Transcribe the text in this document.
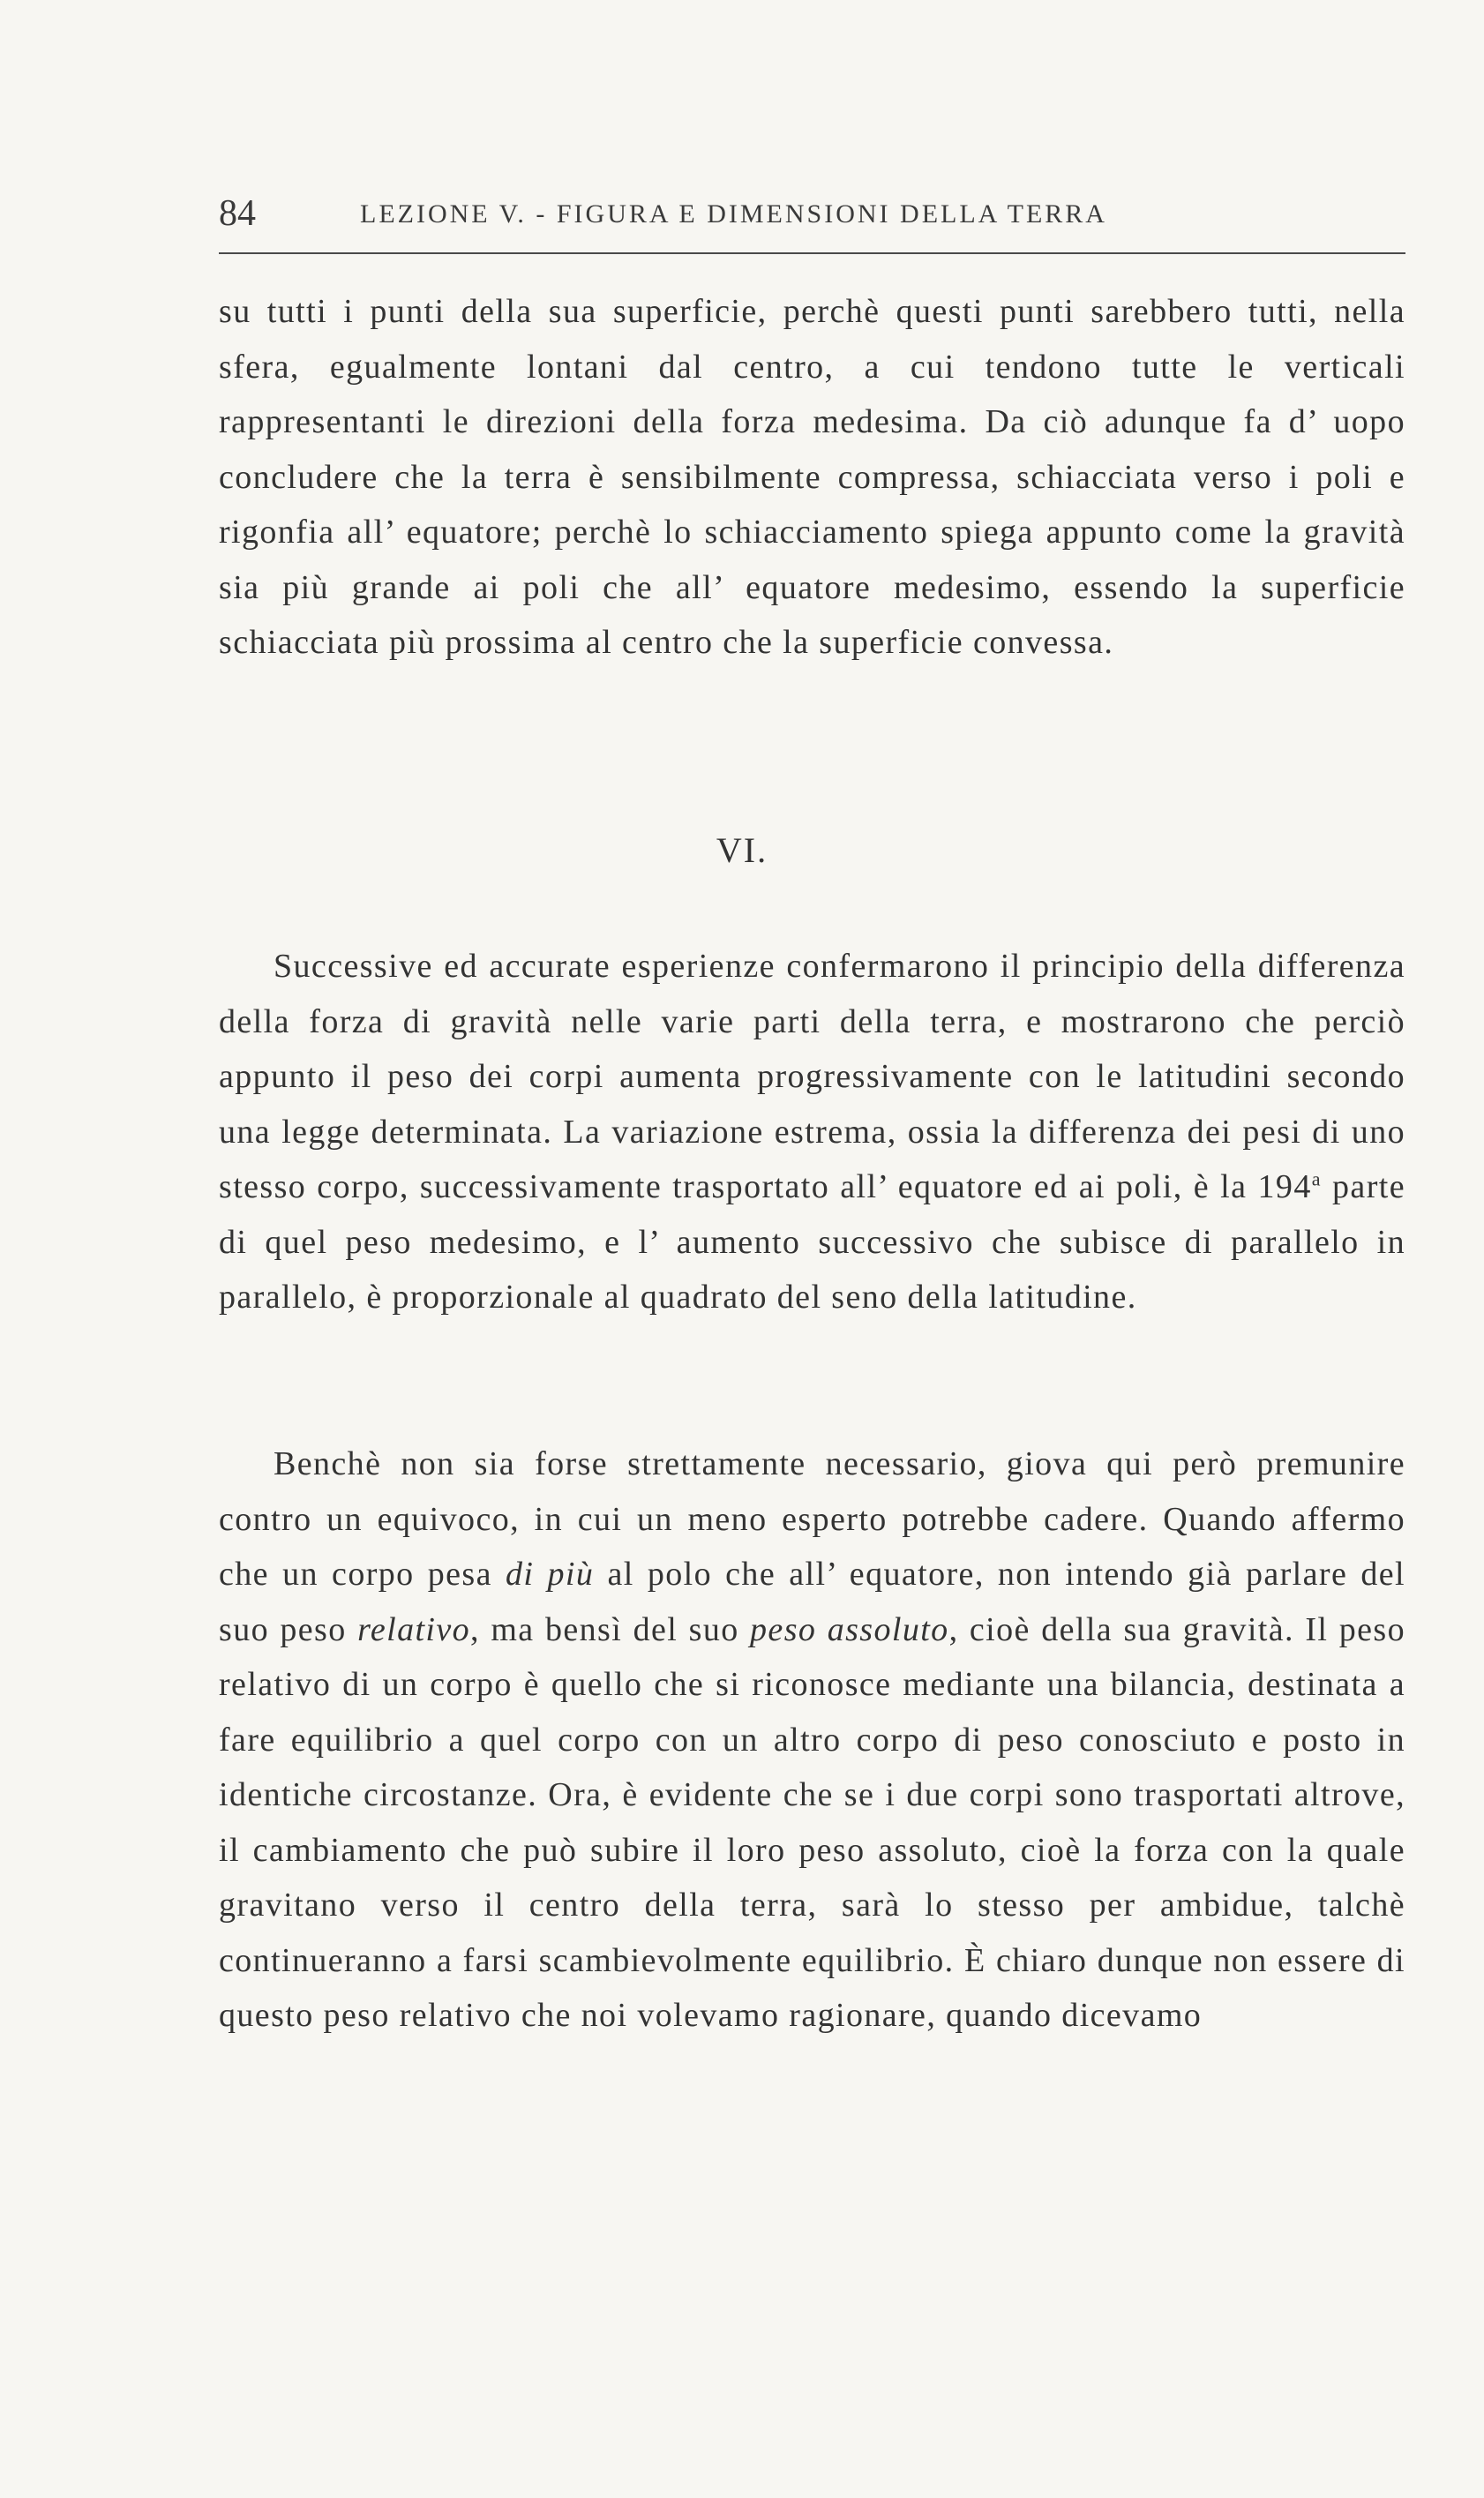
84	LEZIONE V. - FIGURA E DIMENSIONI DELLA TERRA

su tutti i punti della sua superficie, perchè questi punti sarebbero tutti, nella sfera, egualmente lontani dal centro, a cui tendono tutte le verticali rappresentanti le direzioni della forza medesima. Da ciò adunque fa d’ uopo concludere che la terra è sensibilmente compressa, schiacciata verso i poli e rigonfia all’ equatore; perchè lo schiacciamento spiega appunto come la gravità sia più grande ai poli che all’ equatore medesimo, essendo la superficie schiacciata più prossima al centro che la superficie convessa.

VI.

Successive ed accurate esperienze confermarono il principio della differenza della forza di gravità nelle varie parti della terra, e mostrarono che perciò appunto il peso dei corpi aumenta progressivamente con le latitudini secondo una legge determinata. La variazione estrema, ossia la differenza dei pesi di uno stesso corpo, successivamente trasportato all’ equatore ed ai poli, è la 194$^a$ parte di quel peso medesimo, e l’ aumento successivo che subisce di parallelo in parallelo, è proporzionale al quadrato del seno della latitudine.

Benchè non sia forse strettamente necessario, giova qui però premunire contro un equivoco, in cui un meno esperto potrebbe cadere. Quando affermo che un corpo pesa di più al polo che all’ equatore, non intendo già parlare del suo peso relativo, ma bensì del suo peso assoluto, cioè della sua gravità. Il peso relativo di un corpo è quello che si riconosce mediante una bilancia, destinata a fare equilibrio a quel corpo con un altro corpo di peso conosciuto e posto in identiche circostanze. Ora, è evidente che se i due corpi sono trasportati altrove, il cambiamento che può subire il loro peso assoluto, cioè la forza con la quale gravitano verso il centro della terra, sarà lo stesso per ambidue, talchè continueranno a farsi scambievolmente equilibrio. È chiaro dunque non essere di questo peso relativo che noi volevamo ragionare, quando dicevamo
